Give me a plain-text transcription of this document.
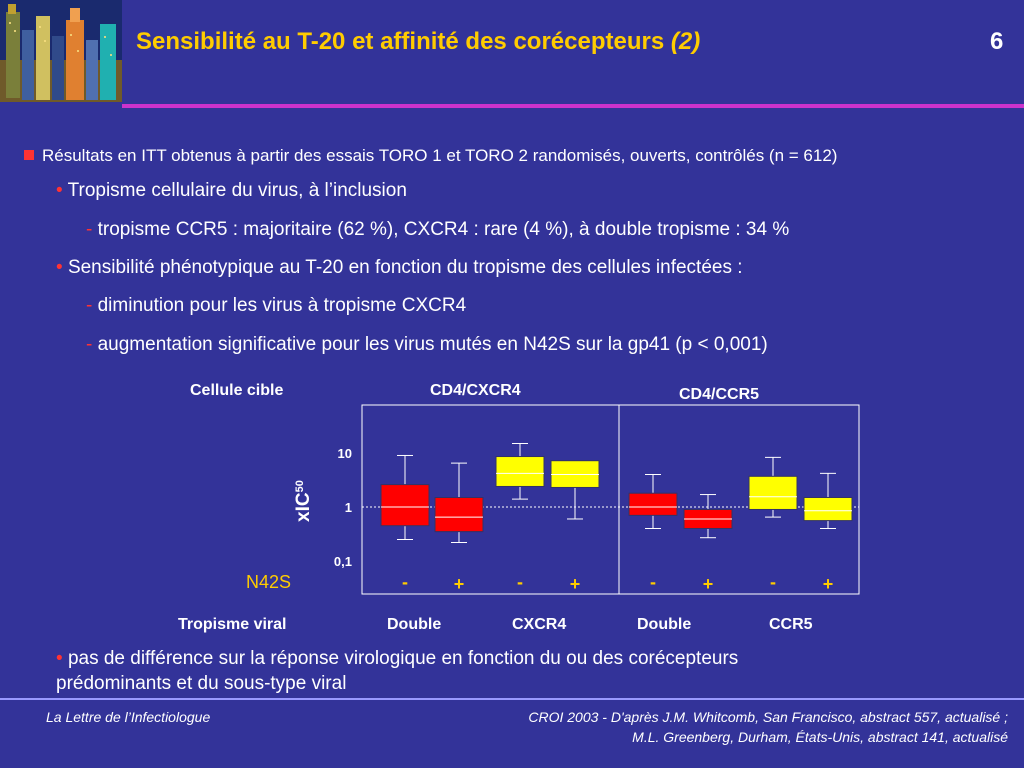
Sensibilité au T-20 et affinité des corécepteurs (2)	6
Résultats en ITT obtenus à partir des essais TORO 1 et TORO 2 randomisés, ouverts, contrôlés (n = 612)
• Tropisme cellulaire du virus, à l’inclusion
- tropisme CCR5 : majoritaire (62 %), CXCR4 : rare (4 %), à double tropisme : 34 %
• Sensibilité phénotypique au T-20 en fonction du tropisme des cellules infectées :
- diminution pour les virus à tropisme CXCR4
- augmentation significative pour les virus mutés en N42S sur la gp41 (p < 0,001)
Cellule cible	CD4/CXCR4	CD4/CCR5
N42S
Tropisme viral	Double	CXCR4	Double	CCR5
xIC$^{50}$
0,1
1
10
-	+	-	+	-	+	-	+
• pas de différence sur la réponse virologique en fonction du ou des corécepteurs
prédominants et du sous-type viral
La Lettre de l’Infectiologue	CROI 2003 - D'après J.M. Whitcomb, San Francisco, abstract 557, actualisé ;
M.L. Greenberg, Durham, États-Unis, abstract 141, actualisé
